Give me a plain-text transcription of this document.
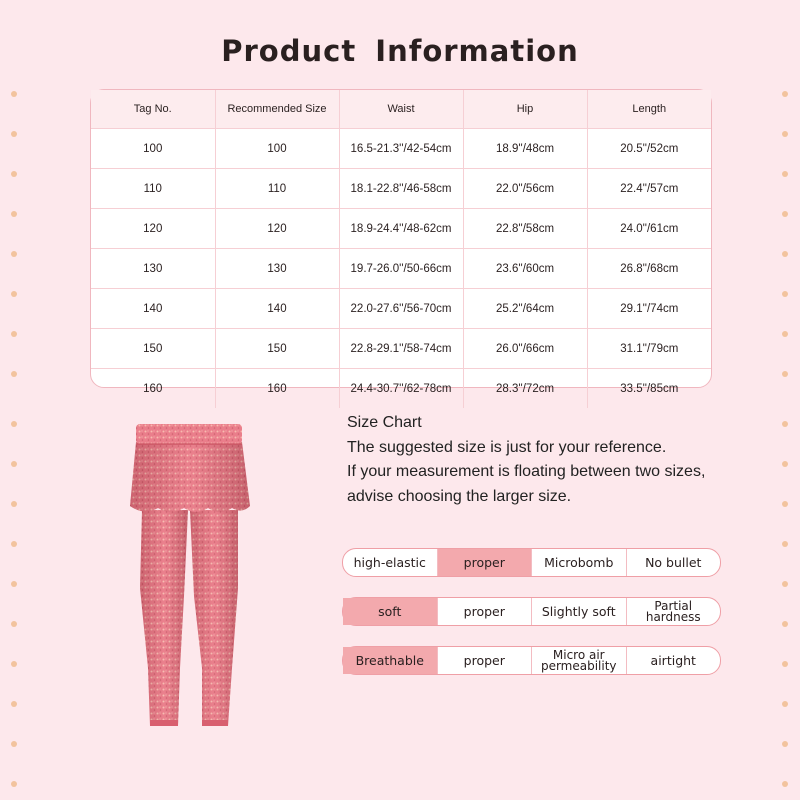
Product Information
Tag No.	Recommended Size	Waist	Hip	Length
100	100	16.5-21.3''/42-54cm	18.9''/48cm	20.5''/52cm
110	110	18.1-22.8''/46-58cm	22.0''/56cm	22.4''/57cm
120	120	18.9-24.4''/48-62cm	22.8''/58cm	24.0''/61cm
130	130	19.7-26.0''/50-66cm	23.6''/60cm	26.8''/68cm
140	140	22.0-27.6''/56-70cm	25.2''/64cm	29.1''/74cm
150	150	22.8-29.1''/58-74cm	26.0''/66cm	31.1''/79cm
160	160	24.4-30.7''/62-78cm	28.3''/72cm	33.5''/85cm
Size Chart
The suggested size is just for your reference.
If your measurement is floating between two sizes,
advise choosing the larger size.
high-elastic	proper	Microbomb	No bullet
soft	proper	Slightly soft	Partial hardness
Breathable	proper	Micro air permeability	airtight
